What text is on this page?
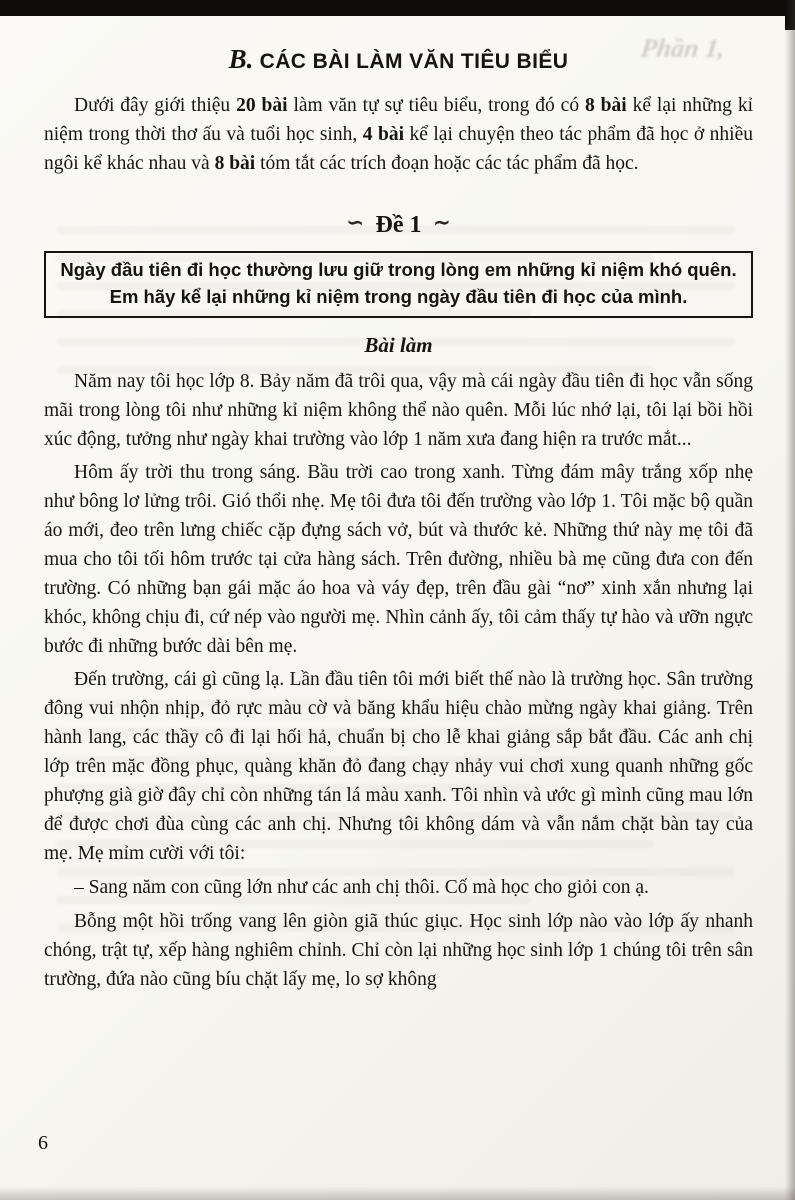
Phần 1,
B. CÁC BÀI LÀM VĂN TIÊU BIỂU

Dưới đây giới thiệu 20 bài làm văn tự sự tiêu biểu, trong đó có 8 bài kể lại những kỉ niệm trong thời thơ ấu và tuổi học sinh, 4 bài kể lại chuyện theo tác phẩm đã học ở nhiều ngôi kể khác nhau và 8 bài tóm tắt các trích đoạn hoặc các tác phẩm đã học.

∽ Đề 1 ∼
Ngày đầu tiên đi học thường lưu giữ trong lòng em những kỉ niệm khó quên. Em hãy kể lại những kỉ niệm trong ngày đầu tiên đi học của mình.
Bài làm

Năm nay tôi học lớp 8. Bảy năm đã trôi qua, vậy mà cái ngày đầu tiên đi học vẫn sống mãi trong lòng tôi như những kỉ niệm không thể nào quên. Mỗi lúc nhớ lại, tôi lại bồi hồi xúc động, tưởng như ngày khai trường vào lớp 1 năm xưa đang hiện ra trước mắt...

Hôm ấy trời thu trong sáng. Bầu trời cao trong xanh. Từng đám mây trắng xốp nhẹ như bông lơ lửng trôi. Gió thổi nhẹ. Mẹ tôi đưa tôi đến trường vào lớp 1. Tôi mặc bộ quần áo mới, đeo trên lưng chiếc cặp đựng sách vở, bút và thước kẻ. Những thứ này mẹ tôi đã mua cho tôi tối hôm trước tại cửa hàng sách. Trên đường, nhiều bà mẹ cũng đưa con đến trường. Có những bạn gái mặc áo hoa và váy đẹp, trên đầu gài “nơ” xinh xắn nhưng lại khóc, không chịu đi, cứ nép vào người mẹ. Nhìn cảnh ấy, tôi cảm thấy tự hào và ưỡn ngực bước đi những bước dài bên mẹ.

Đến trường, cái gì cũng lạ. Lần đầu tiên tôi mới biết thế nào là trường học. Sân trường đông vui nhộn nhịp, đỏ rực màu cờ và băng khẩu hiệu chào mừng ngày khai giảng. Trên hành lang, các thầy cô đi lại hối hả, chuẩn bị cho lễ khai giảng sắp bắt đầu. Các anh chị lớp trên mặc đồng phục, quàng khăn đỏ đang chạy nhảy vui chơi xung quanh những gốc phượng già giờ đây chỉ còn những tán lá màu xanh. Tôi nhìn và ước gì mình cũng mau lớn để được chơi đùa cùng các anh chị. Nhưng tôi không dám và vẫn nắm chặt bàn tay của mẹ. Mẹ mỉm cười với tôi:

– Sang năm con cũng lớn như các anh chị thôi. Cố mà học cho giỏi con ạ.

Bỗng một hồi trống vang lên giòn giã thúc giục. Học sinh lớp nào vào lớp ấy nhanh chóng, trật tự, xếp hàng nghiêm chỉnh. Chỉ còn lại những học sinh lớp 1 chúng tôi trên sân trường, đứa nào cũng bíu chặt lấy mẹ, lo sợ không

6
